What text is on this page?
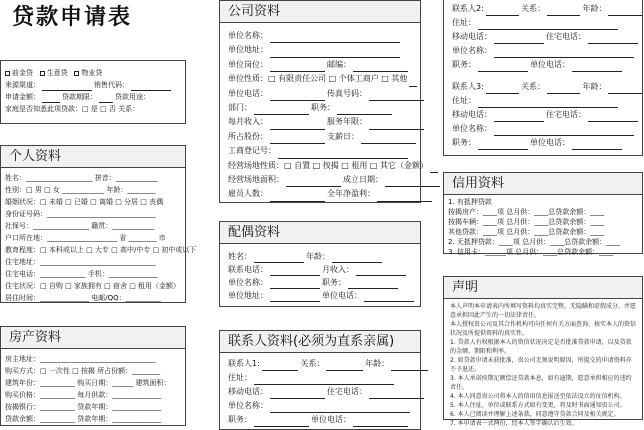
贷款申请表
前金贷 生意贷 物业贷
来源渠道：	销售代码：
申请金额：	贷款期限：	贷款用途：
家庭是否知悉此项贷款：□ 是 □ 否 关系：
个人资料
姓名：___________________ 拼音：____________
性别：□ 男 □ 女 ____________ 年龄：________
婚姻状况：□ 未婚 □ 已婚 □ 离婚 □ 分居 □ 丧偶
身份证号码：_______________________________
社保号：________________ 籍贯：____________
户口所在地：____________________ 省 ________ 市
教育程度：□ 本科或以上 □ 大专 □ 高中/中专 □ 初中或以下
住宅地址：_________________________________
住宅电话：_____________ 手机：______________
住宅状况：□ 自购 □ 家族拥有 □ 宿舍 □ 租用（金额）
居住时间：______________ 电邮/QQ：__________
房产资料
房主地址：_________________________________
购买方式：□ 一次性 □ 按揭 所占份额：________
建筑年份：__________ 购买日期：______ 建筑面积：
购买价格：__________ 每月供款：______________
按揭银行：__________ 贷款年期：______________
贷款余额：__________ 贷款年期：______________
公司资料
单位名称：
单位地址：
单位岗位：	邮编：
单位性质：□ 有限责任公司 □ 个体工商户 □ 其他
单位电话：	传真号码：
部门：	职务：
每月收入：	服务年限：
所占股份：	支薪日：
工商登记号：
经营场地性质：□ 自置 □ 按揭 □ 租用 □ 其它（金额）
经营场地面积：	成立日期：
雇员人数：	全年净盈利：
配偶资料
姓名：	年龄：
联系电话：	月收入：
单位名称：	职务：
单位地址：	单位电话：
联系人资料(必须为直系亲属)
联系人1:	关系：	年龄：
住址：
移动电话：	住宅电话：
单位名称：
职务：	单位电话：
联系人2:	关系：	年龄：
住址：
移动电话：	住宅电话：
单位名称：
职务：	单位电话：
联系人3:	关系：	年龄：
住址：
移动电话：	住宅电话：
单位名称：
职务：	单位电话：
信用资料
1. 有抵押贷款
按揭房产：____项 总月供：____总贷款余额：____
按揭车辆：____项 总月供：____总贷款余额：____
其他贷款：____项 总月供：____总贷款余额：____
2. 无抵押贷款：____项 总月供：____总贷款余额：____
3. 信用卡：______项 总月供：____总贷款余额：____
声明
本人声明本申请表内所填写资料均真实完整，无隐瞒和虚假成分，并愿意承担因此产生的一切法律责任。
本人授权贵公司及其合作机构可向任何有关方面查询、核实本人的资信状况及所提供资料的真实性。
1. 贷款人有权根据本人的资信状况决定是否批准贷款申请，以及贷款的金额、期限和利率。
2. 如贷款申请未获批准，贵公司无须说明原因，所提交的申请资料亦不予退还。
3. 本人承诺按期足额偿还贷款本息，如有逾期，愿意承担相应的违约责任。
4. 本人同意贵公司将本人的信用信息报送至依法设立的征信机构。
5. 本人住址、单位或联系方式如有变更，将及时书面通知贵公司。
6. 本人已阅读并理解上述条款，同意遵守贷款合同及相关规定。
7. 本申请表一式两份，经本人签字确认后生效。
